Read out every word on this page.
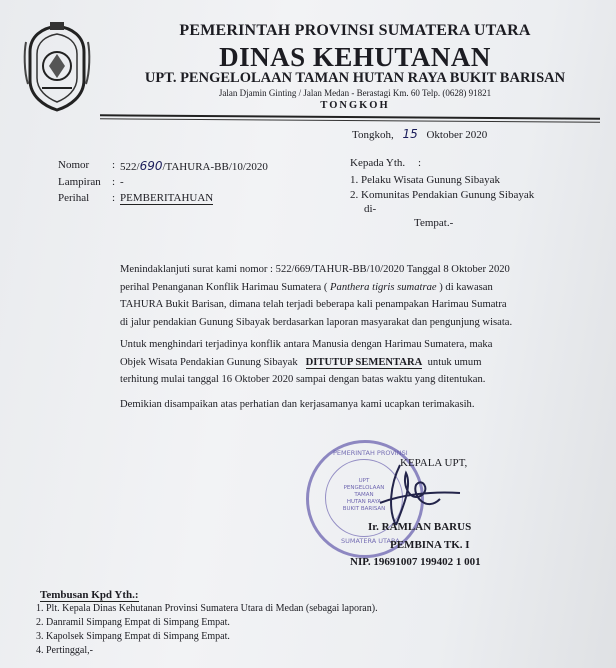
PEMERINTAH PROVINSI SUMATERA UTARA
DINAS KEHUTANAN
UPT. PENGELOLAAN TAMAN HUTAN RAYA BUKIT BARISAN
Jalan Djamin Ginting / Jalan Medan - Berastagi Km. 60 Telp. (0628) 91821
TONGKOH
Tongkoh, 15 Oktober 2020
Nomor : 522/690/TAHURA-BB/10/2020
Lampiran : -
Perihal : PEMBERITAHUAN
Kepada Yth. :
1. Pelaku Wisata Gunung Sibayak
2. Komunitas Pendakian Gunung Sibayak
di-
Tempat.-
Menindaklanjuti surat kami nomor : 522/669/TAHUR-BB/10/2020 Tanggal 8 Oktober 2020
perihal Penanganan Konflik Harimau Sumatera ( Panthera tigris sumatrae ) di kawasan
TAHURA Bukit Barisan, dimana telah terjadi beberapa kali penampakan Harimau Sumatra
di jalur pendakian Gunung Sibayak berdasarkan laporan masyarakat dan pengunjung wisata.
Untuk menghindari terjadinya konflik antara Manusia dengan Harimau Sumatera, maka
Objek Wisata Pendakian Gunung Sibayak DITUTUP SEMENTARA untuk umum
terhitung mulai tanggal 16 Oktober 2020 sampai dengan batas waktu yang ditentukan.
Demikian disampaikan atas perhatian dan kerjasamanya kami ucapkan terimakasih.
PEMERINTAH PROVINSI
SUMATERA UTARA
UPT
PENGELOLAAN
TAMAN
HUTAN RAYA
BUKIT BARISAN
KEPALA UPT,
Ir. RAMLAN BARUS
PEMBINA TK. I
NIP. 19691007 199402 1 001
Tembusan Kpd Yth.:
1. Plt. Kepala Dinas Kehutanan Provinsi Sumatera Utara di Medan (sebagai laporan).
2. Danramil Simpang Empat di Simpang Empat.
3. Kapolsek Simpang Empat di Simpang Empat.
4. Pertinggal,-
